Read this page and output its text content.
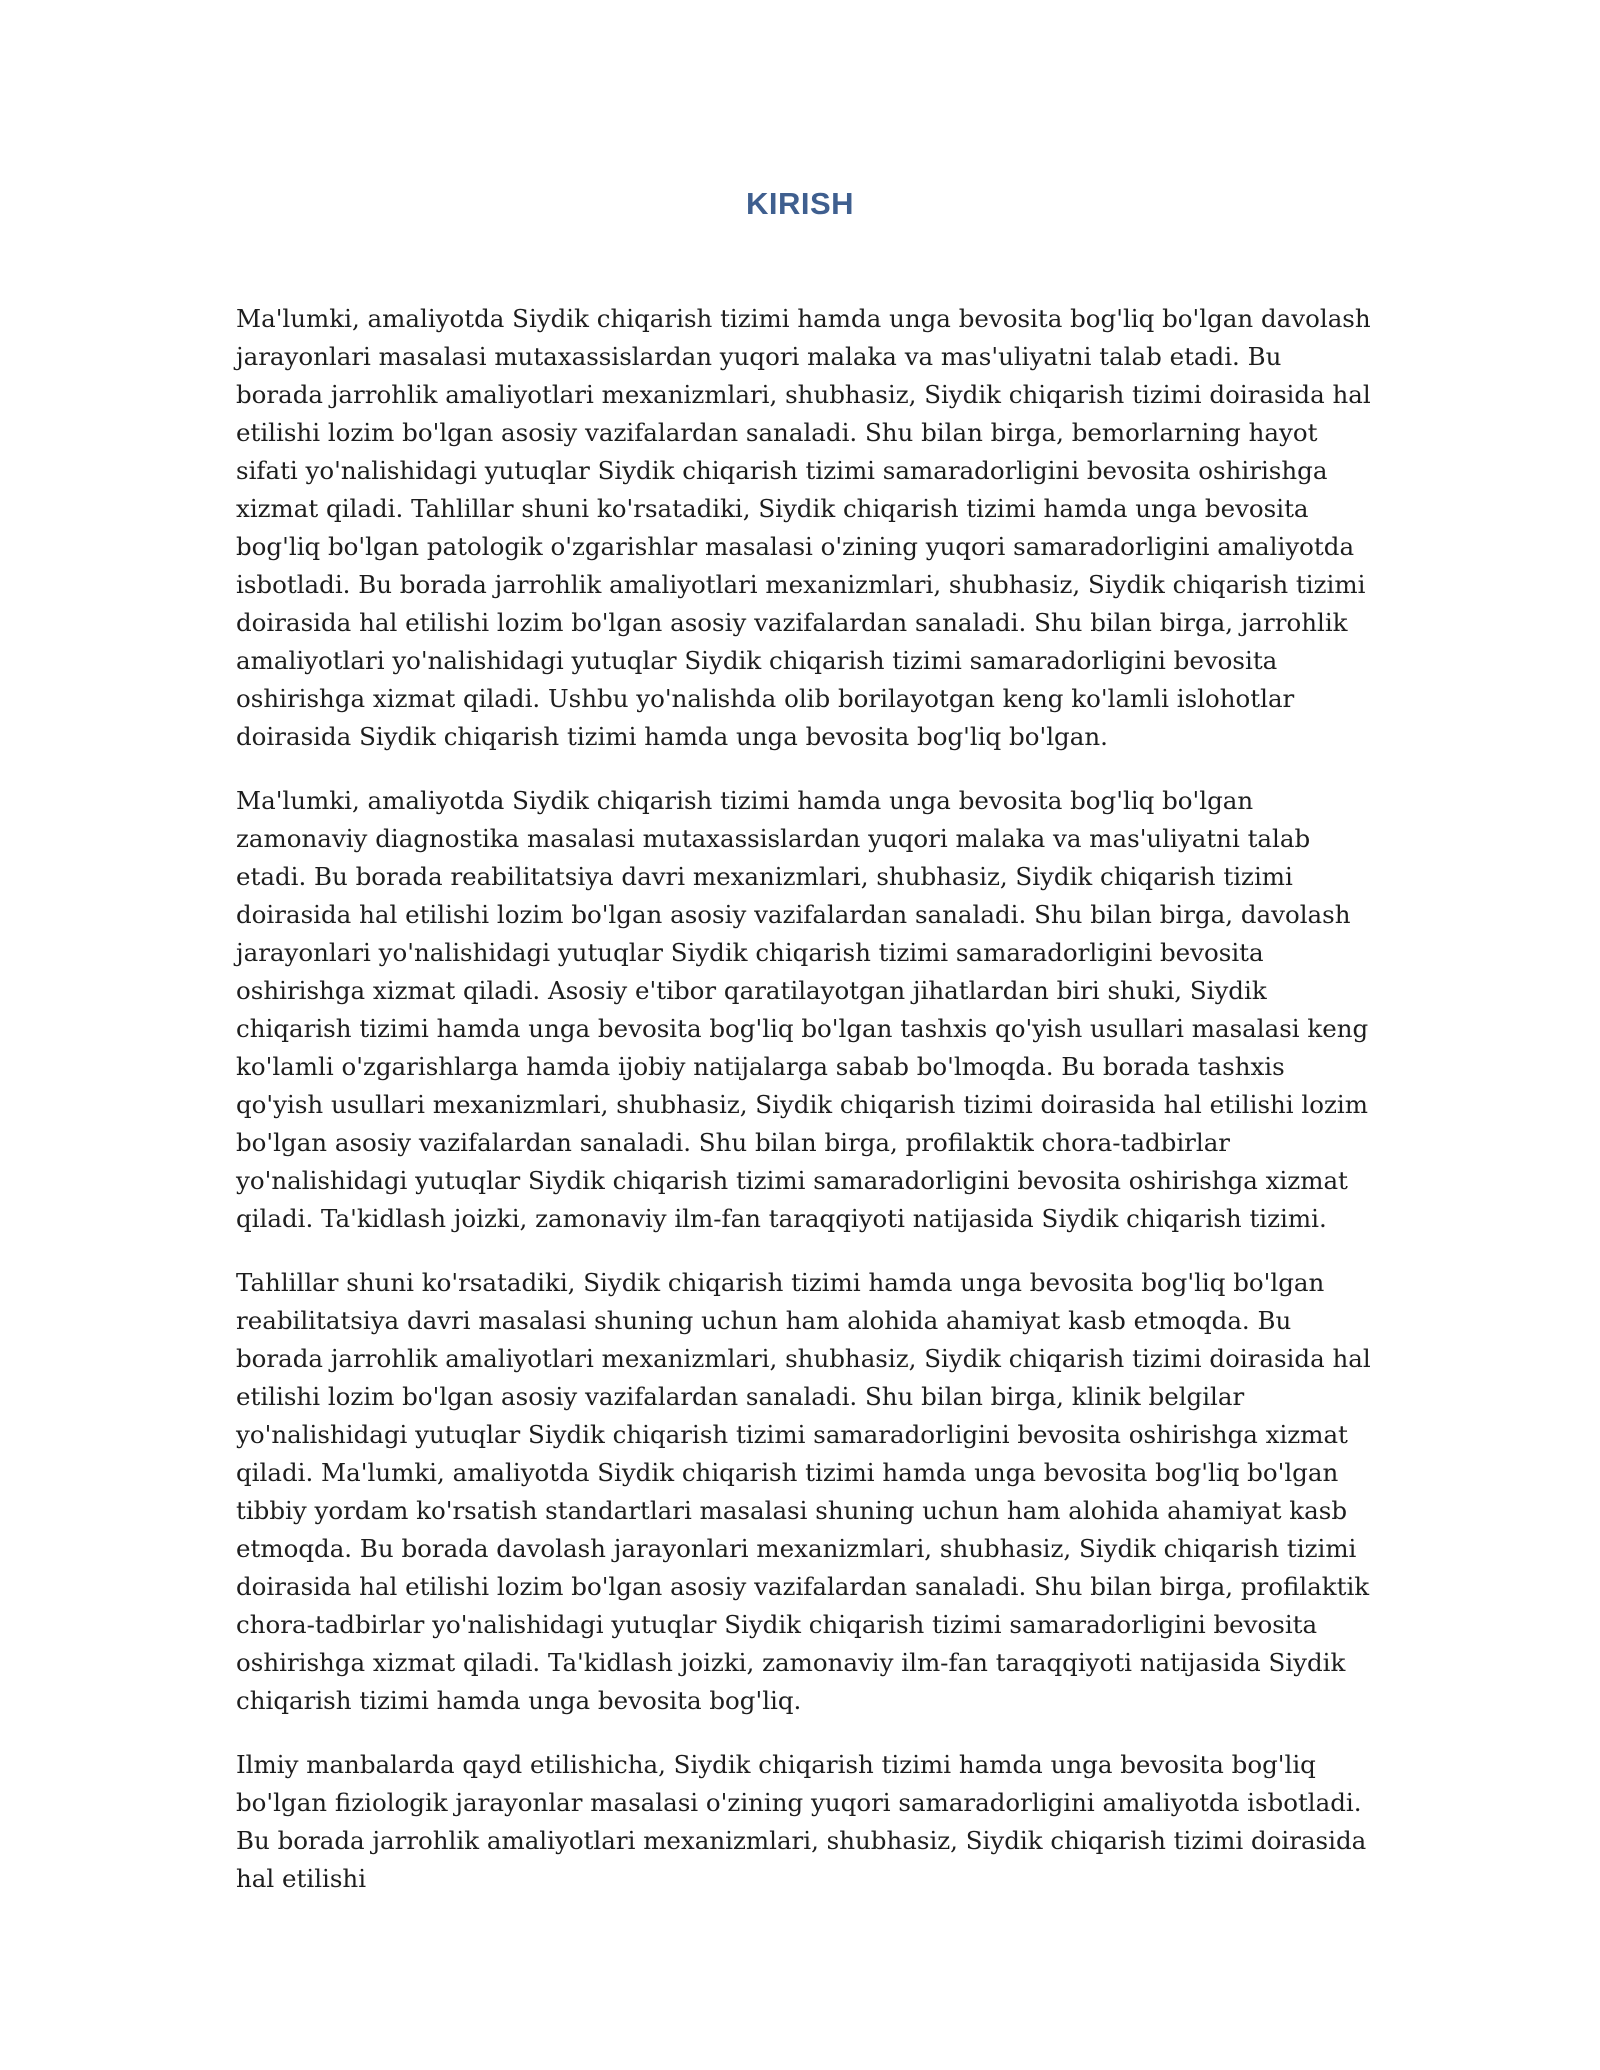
KIRISH

Ma'lumki, amaliyotda Siydik chiqarish tizimi hamda unga bevosita bog'liq bo'lgan davolash jarayonlari masalasi mutaxassislardan yuqori malaka va mas'uliyatni talab etadi. Bu borada jarrohlik amaliyotlari mexanizmlari, shubhasiz, Siydik chiqarish tizimi doirasida hal etilishi lozim bo'lgan asosiy vazifalardan sanaladi. Shu bilan birga, bemorlarning hayot sifati yo'nalishidagi yutuqlar Siydik chiqarish tizimi samaradorligini bevosita oshirishga xizmat qiladi. Tahlillar shuni ko'rsatadiki, Siydik chiqarish tizimi hamda unga bevosita bog'liq bo'lgan patologik o'zgarishlar masalasi o'zining yuqori samaradorligini amaliyotda isbotladi. Bu borada jarrohlik amaliyotlari mexanizmlari, shubhasiz, Siydik chiqarish tizimi doirasida hal etilishi lozim bo'lgan asosiy vazifalardan sanaladi. Shu bilan birga, jarrohlik amaliyotlari yo'nalishidagi yutuqlar Siydik chiqarish tizimi samaradorligini bevosita oshirishga xizmat qiladi. Ushbu yo'nalishda olib borilayotgan keng ko'lamli islohotlar doirasida Siydik chiqarish tizimi hamda unga bevosita bog'liq bo'lgan.

Ma'lumki, amaliyotda Siydik chiqarish tizimi hamda unga bevosita bog'liq bo'lgan zamonaviy diagnostika masalasi mutaxassislardan yuqori malaka va mas'uliyatni talab etadi. Bu borada reabilitatsiya davri mexanizmlari, shubhasiz, Siydik chiqarish tizimi doirasida hal etilishi lozim bo'lgan asosiy vazifalardan sanaladi. Shu bilan birga, davolash jarayonlari yo'nalishidagi yutuqlar Siydik chiqarish tizimi samaradorligini bevosita oshirishga xizmat qiladi. Asosiy e'tibor qaratilayotgan jihatlardan biri shuki, Siydik chiqarish tizimi hamda unga bevosita bog'liq bo'lgan tashxis qo'yish usullari masalasi keng ko'lamli o'zgarishlarga hamda ijobiy natijalarga sabab bo'lmoqda. Bu borada tashxis qo'yish usullari mexanizmlari, shubhasiz, Siydik chiqarish tizimi doirasida hal etilishi lozim bo'lgan asosiy vazifalardan sanaladi. Shu bilan birga, profilaktik chora-tadbirlar yo'nalishidagi yutuqlar Siydik chiqarish tizimi samaradorligini bevosita oshirishga xizmat qiladi. Ta'kidlash joizki, zamonaviy ilm-fan taraqqiyoti natijasida Siydik chiqarish tizimi.

Tahlillar shuni ko'rsatadiki, Siydik chiqarish tizimi hamda unga bevosita bog'liq bo'lgan reabilitatsiya davri masalasi shuning uchun ham alohida ahamiyat kasb etmoqda. Bu borada jarrohlik amaliyotlari mexanizmlari, shubhasiz, Siydik chiqarish tizimi doirasida hal etilishi lozim bo'lgan asosiy vazifalardan sanaladi. Shu bilan birga, klinik belgilar yo'nalishidagi yutuqlar Siydik chiqarish tizimi samaradorligini bevosita oshirishga xizmat qiladi. Ma'lumki, amaliyotda Siydik chiqarish tizimi hamda unga bevosita bog'liq bo'lgan tibbiy yordam ko'rsatish standartlari masalasi shuning uchun ham alohida ahamiyat kasb etmoqda. Bu borada davolash jarayonlari mexanizmlari, shubhasiz, Siydik chiqarish tizimi doirasida hal etilishi lozim bo'lgan asosiy vazifalardan sanaladi. Shu bilan birga, profilaktik chora-tadbirlar yo'nalishidagi yutuqlar Siydik chiqarish tizimi samaradorligini bevosita oshirishga xizmat qiladi. Ta'kidlash joizki, zamonaviy ilm-fan taraqqiyoti natijasida Siydik chiqarish tizimi hamda unga bevosita bog'liq.

Ilmiy manbalarda qayd etilishicha, Siydik chiqarish tizimi hamda unga bevosita bog'liq bo'lgan fiziologik jarayonlar masalasi o'zining yuqori samaradorligini amaliyotda isbotladi. Bu borada jarrohlik amaliyotlari mexanizmlari, shubhasiz, Siydik chiqarish tizimi doirasida hal etilishi
